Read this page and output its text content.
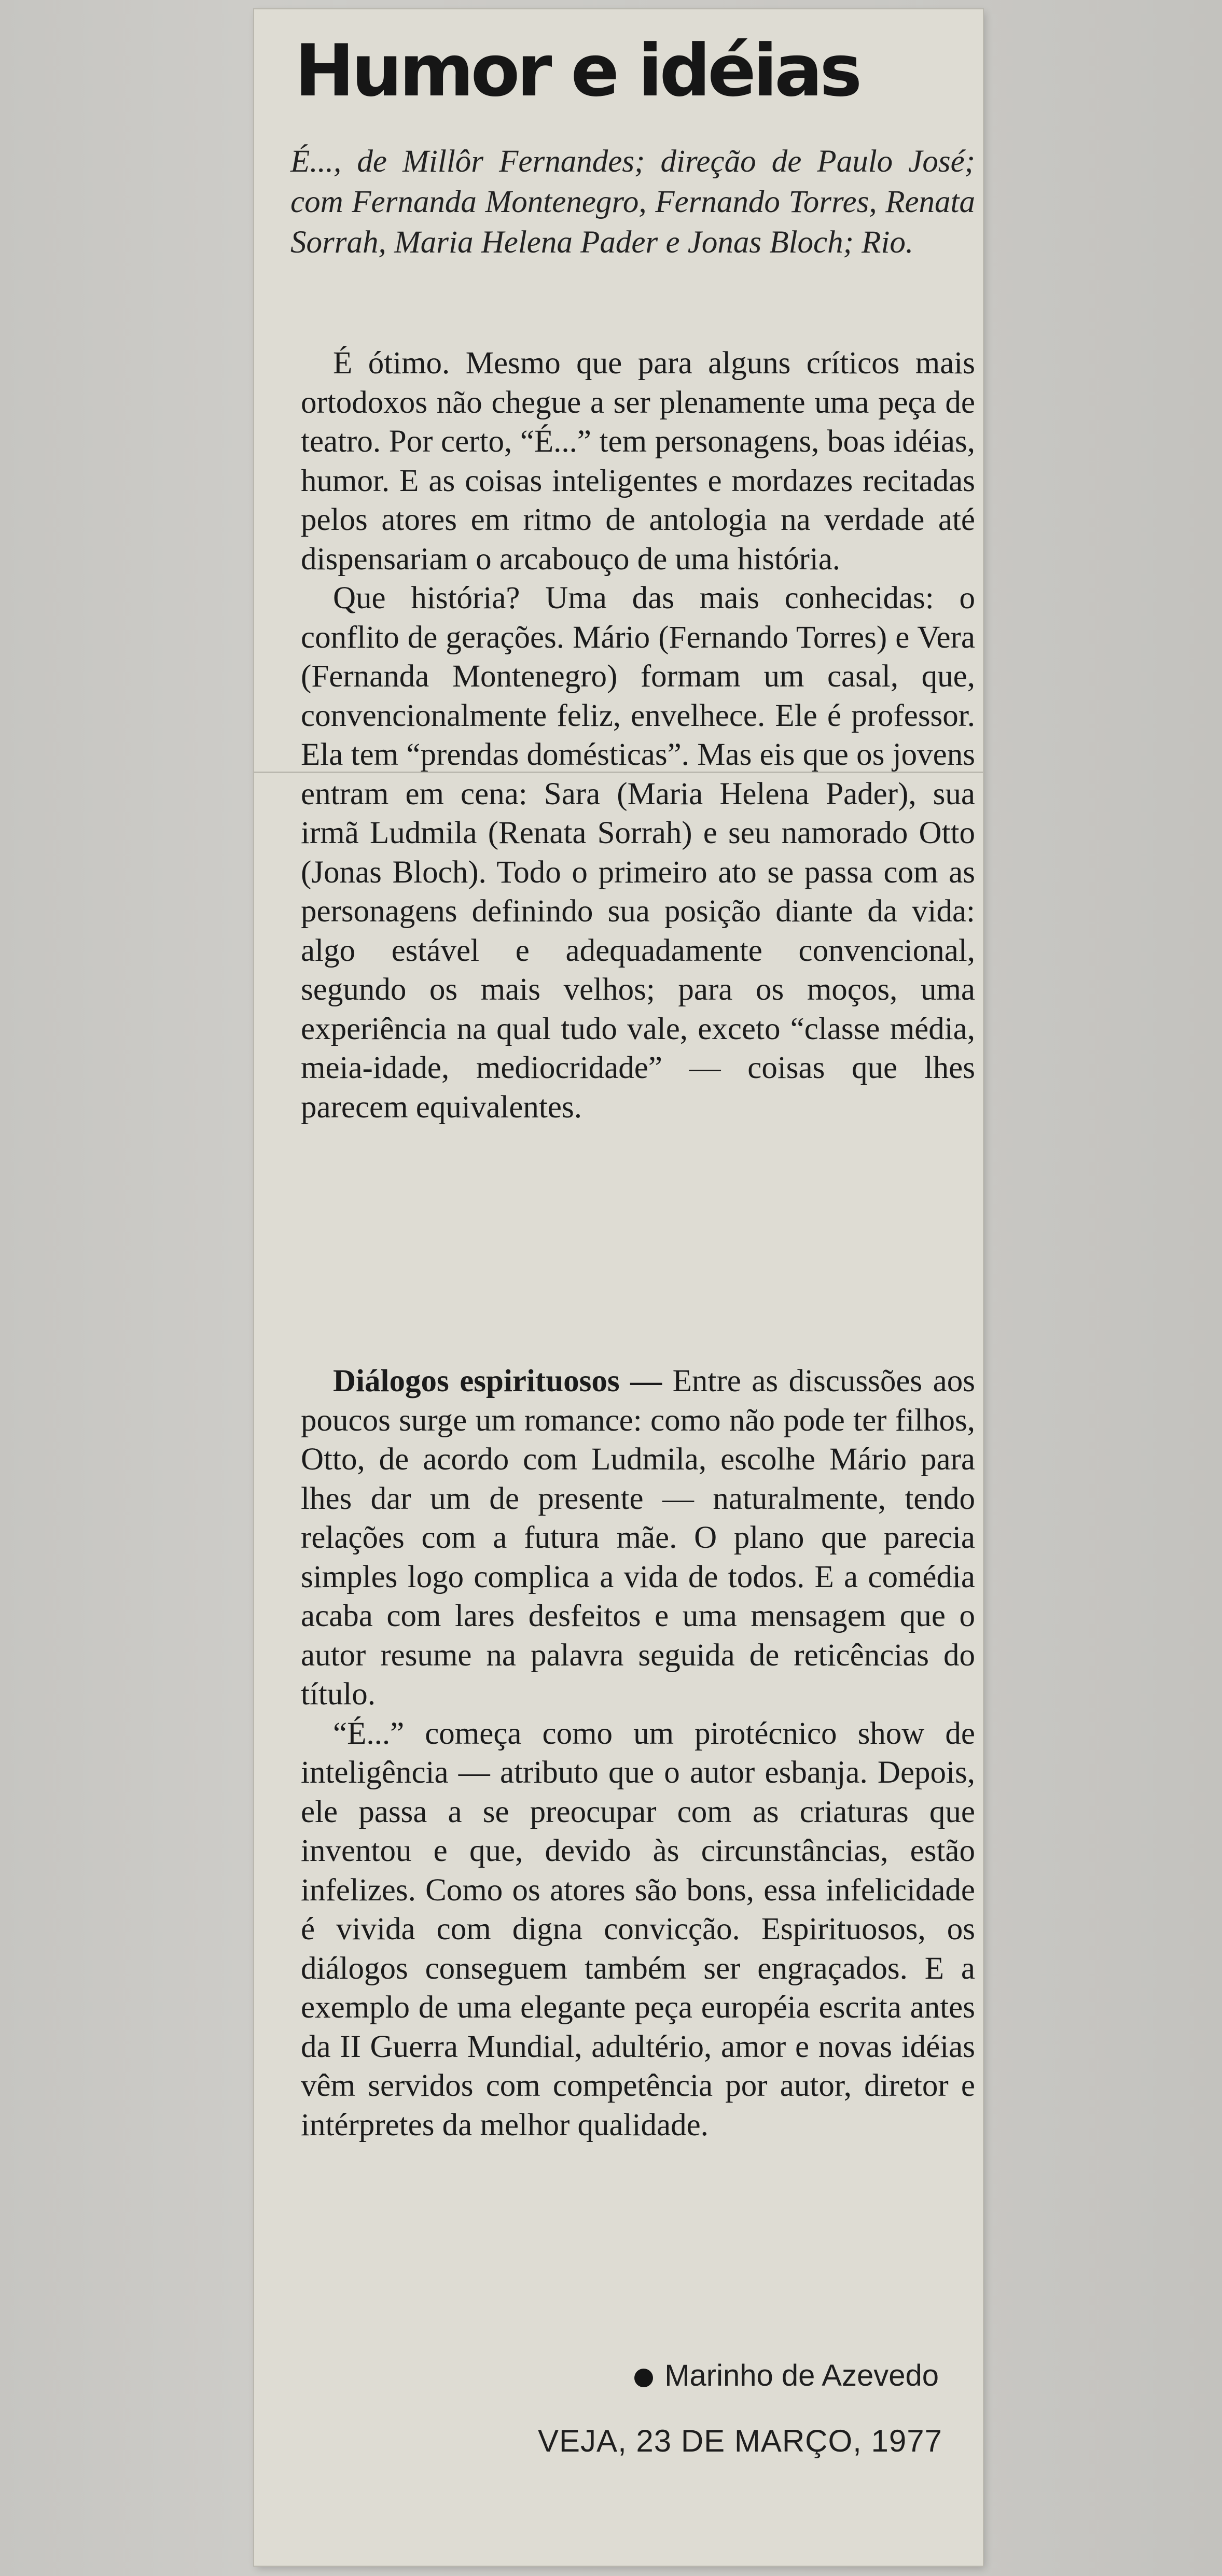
Humor e idéias
É..., de Millôr Fernandes; direção de Paulo José; com Fernanda Montenegro, Fernando Torres, Renata Sorrah, Maria Helena Pader e Jonas Bloch; Rio.

É ótimo. Mesmo que para alguns críticos mais ortodoxos não chegue a ser plenamente uma peça de teatro. Por certo, “É...” tem personagens, boas idéias, humor. E as coisas inteligentes e mordazes recitadas pelos atores em ritmo de antologia na verdade até dispensariam o arcabouço de uma história.

Que história? Uma das mais conhecidas: o conflito de gerações. Mário (Fernando Torres) e Vera (Fernanda Montenegro) formam um casal, que, convencionalmente feliz, envelhece. Ele é professor. Ela tem “prendas domésticas”. Mas eis que os jovens entram em cena: Sara (Maria Helena Pader), sua irmã Ludmila (Renata Sorrah) e seu namorado Otto (Jonas Bloch). Todo o primeiro ato se passa com as personagens definindo sua posição diante da vida: algo estável e adequadamente convencional, segundo os mais velhos; para os moços, uma experiência na qual tudo vale, exceto “classe média, meia-idade, mediocridade” — coisas que lhes parecem equivalentes.

Diálogos espirituosos — Entre as discussões aos poucos surge um romance: como não pode ter filhos, Otto, de acordo com Ludmila, escolhe Mário para lhes dar um de presente — naturalmente, tendo relações com a futura mãe. O plano que parecia simples logo complica a vida de todos. E a comédia acaba com lares desfeitos e uma mensagem que o autor resume na palavra seguida de reticências do título.

“É...” começa como um pirotécnico show de inteligência — atributo que o autor esbanja. Depois, ele passa a se preocupar com as criaturas que inventou e que, devido às circunstâncias, estão infelizes. Como os atores são bons, essa infelicidade é vivida com digna convicção. Espirituosos, os diálogos conseguem também ser engraçados. E a exemplo de uma elegante peça européia escrita antes da II Guerra Mundial, adultério, amor e novas idéias vêm servidos com competência por autor, diretor e intérpretes da melhor qualidade.

Marinho de Azevedo
VEJA, 23 DE MARÇO, 1977
